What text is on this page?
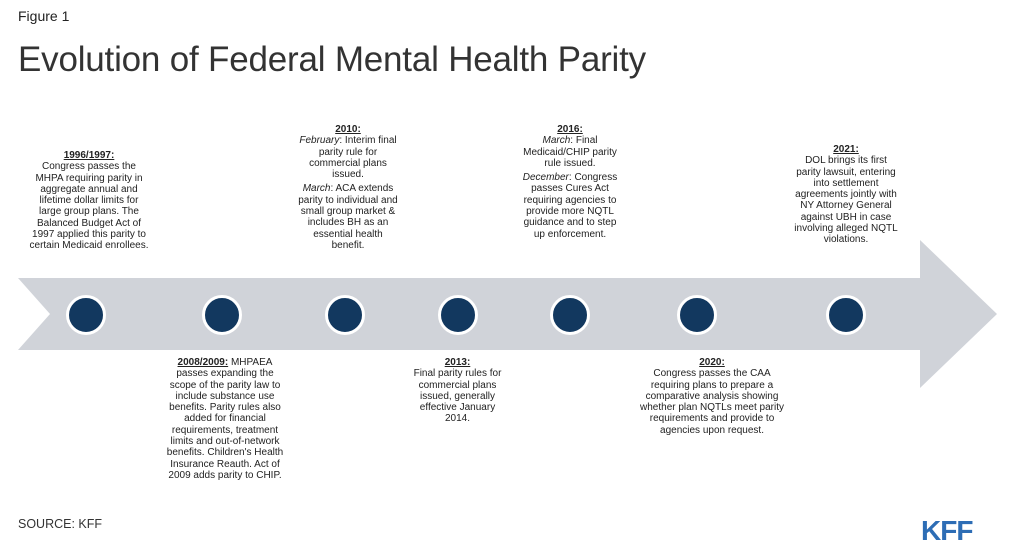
Figure 1
Evolution of Federal Mental Health Parity

1996/1997:

Congress passes the MHPA requiring parity in aggregate annual and lifetime dollar limits for large group plans. The Balanced Budget Act of 1997 applied this parity to certain Medicaid enrollees.

2008/2009: MHPAEA passes expanding the scope of the parity law to include substance use benefits. Parity rules also added for financial requirements, treatment limits and out-of-network benefits. Children's Health Insurance Reauth. Act of 2009 adds parity to CHIP.

2010:

February: Interim final parity rule for commercial plans issued.

March: ACA extends parity to individual and small group market & includes BH as an essential health benefit.

2013:

Final parity rules for commercial plans issued, generally effective January 2014.

2016:

March: Final Medicaid/CHIP parity rule issued.

December: Congress passes Cures Act requiring agencies to provide more NQTL guidance and to step up enforcement.

2020:

Congress passes the CAA requiring plans to prepare a comparative analysis showing whether plan NQTLs meet parity requirements and provide to agencies upon request.

2021:

DOL brings its first parity lawsuit, entering into settlement agreements jointly with NY Attorney General against UBH in case involving alleged NQTL violations.

SOURCE: KFF	KFF
